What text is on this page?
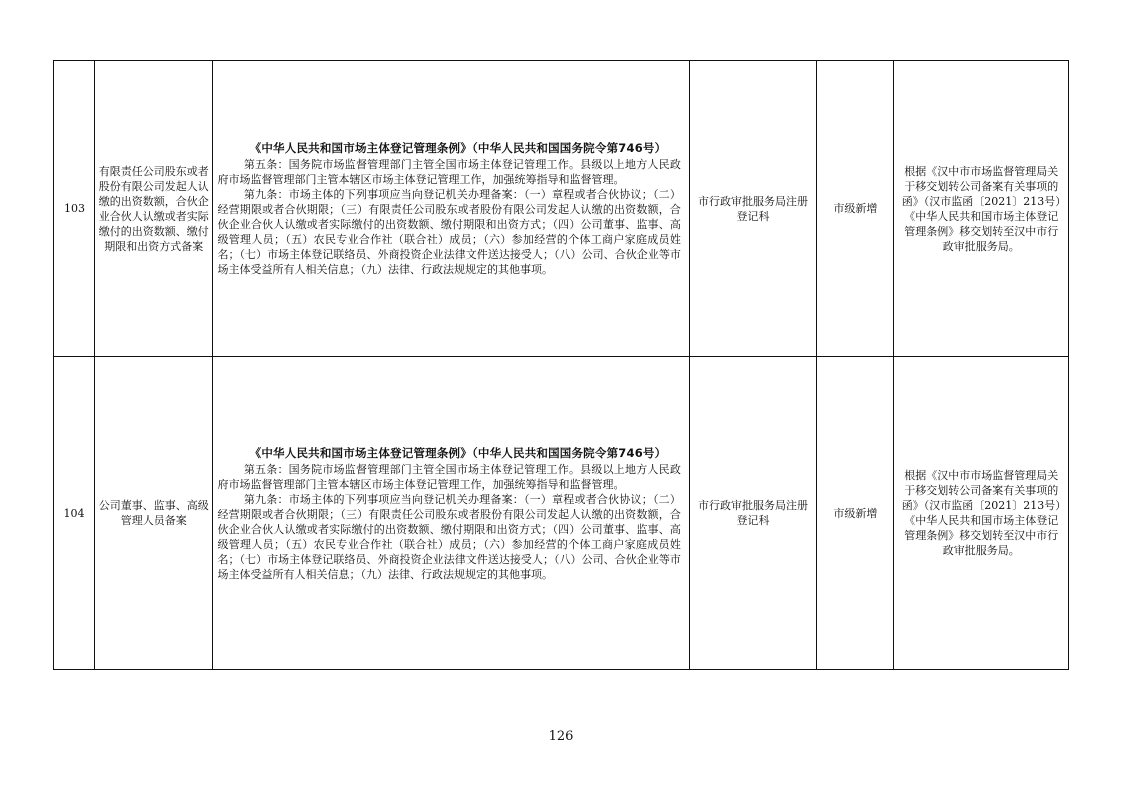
103	有限责任公司股东或者股份有限公司发起人认缴的出资数额，合伙企业合伙人认缴或者实际缴付的出资数额、缴付期限和出资方式备案	《中华人民共和国市场主体登记管理条例》（中华人民共和国国务院令第746号）

第五条：国务院市场监督管理部门主管全国市场主体登记管理工作。县级以上地方人民政府市场监督管理部门主管本辖区市场主体登记管理工作，加强统筹指导和监督管理。

第九条：市场主体的下列事项应当向登记机关办理备案：（一）章程或者合伙协议；（二）经营期限或者合伙期限；（三）有限责任公司股东或者股份有限公司发起人认缴的出资数额，合伙企业合伙人认缴或者实际缴付的出资数额、缴付期限和出资方式；（四）公司董事、监事、高级管理人员；（五）农民专业合作社（联合社）成员；（六）参加经营的个体工商户家庭成员姓名；（七）市场主体登记联络员、外商投资企业法律文件送达接受人；（八）公司、合伙企业等市场主体受益所有人相关信息；（九）法律、行政法规规定的其他事项。	市行政审批服务局注册登记科	市级新增	根据《汉中市市场监督管理局关于移交划转公司备案有关事项的函》（汉市监函〔2021〕213号）《中华人民共和国市场主体登记管理条例》移交划转至汉中市行政审批服务局。

104	公司董事、监事、高级管理人员备案	《中华人民共和国市场主体登记管理条例》（中华人民共和国国务院令第746号）

第五条：国务院市场监督管理部门主管全国市场主体登记管理工作。县级以上地方人民政府市场监督管理部门主管本辖区市场主体登记管理工作，加强统筹指导和监督管理。

第九条：市场主体的下列事项应当向登记机关办理备案：（一）章程或者合伙协议；（二）经营期限或者合伙期限；（三）有限责任公司股东或者股份有限公司发起人认缴的出资数额，合伙企业合伙人认缴或者实际缴付的出资数额、缴付期限和出资方式；（四）公司董事、监事、高级管理人员；（五）农民专业合作社（联合社）成员；（六）参加经营的个体工商户家庭成员姓名；（七）市场主体登记联络员、外商投资企业法律文件送达接受人；（八）公司、合伙企业等市场主体受益所有人相关信息；（九）法律、行政法规规定的其他事项。	市行政审批服务局注册登记科	市级新增	根据《汉中市市场监督管理局关于移交划转公司备案有关事项的函》（汉市监函〔2021〕213号）《中华人民共和国市场主体登记管理条例》移交划转至汉中市行政审批服务局。
126
